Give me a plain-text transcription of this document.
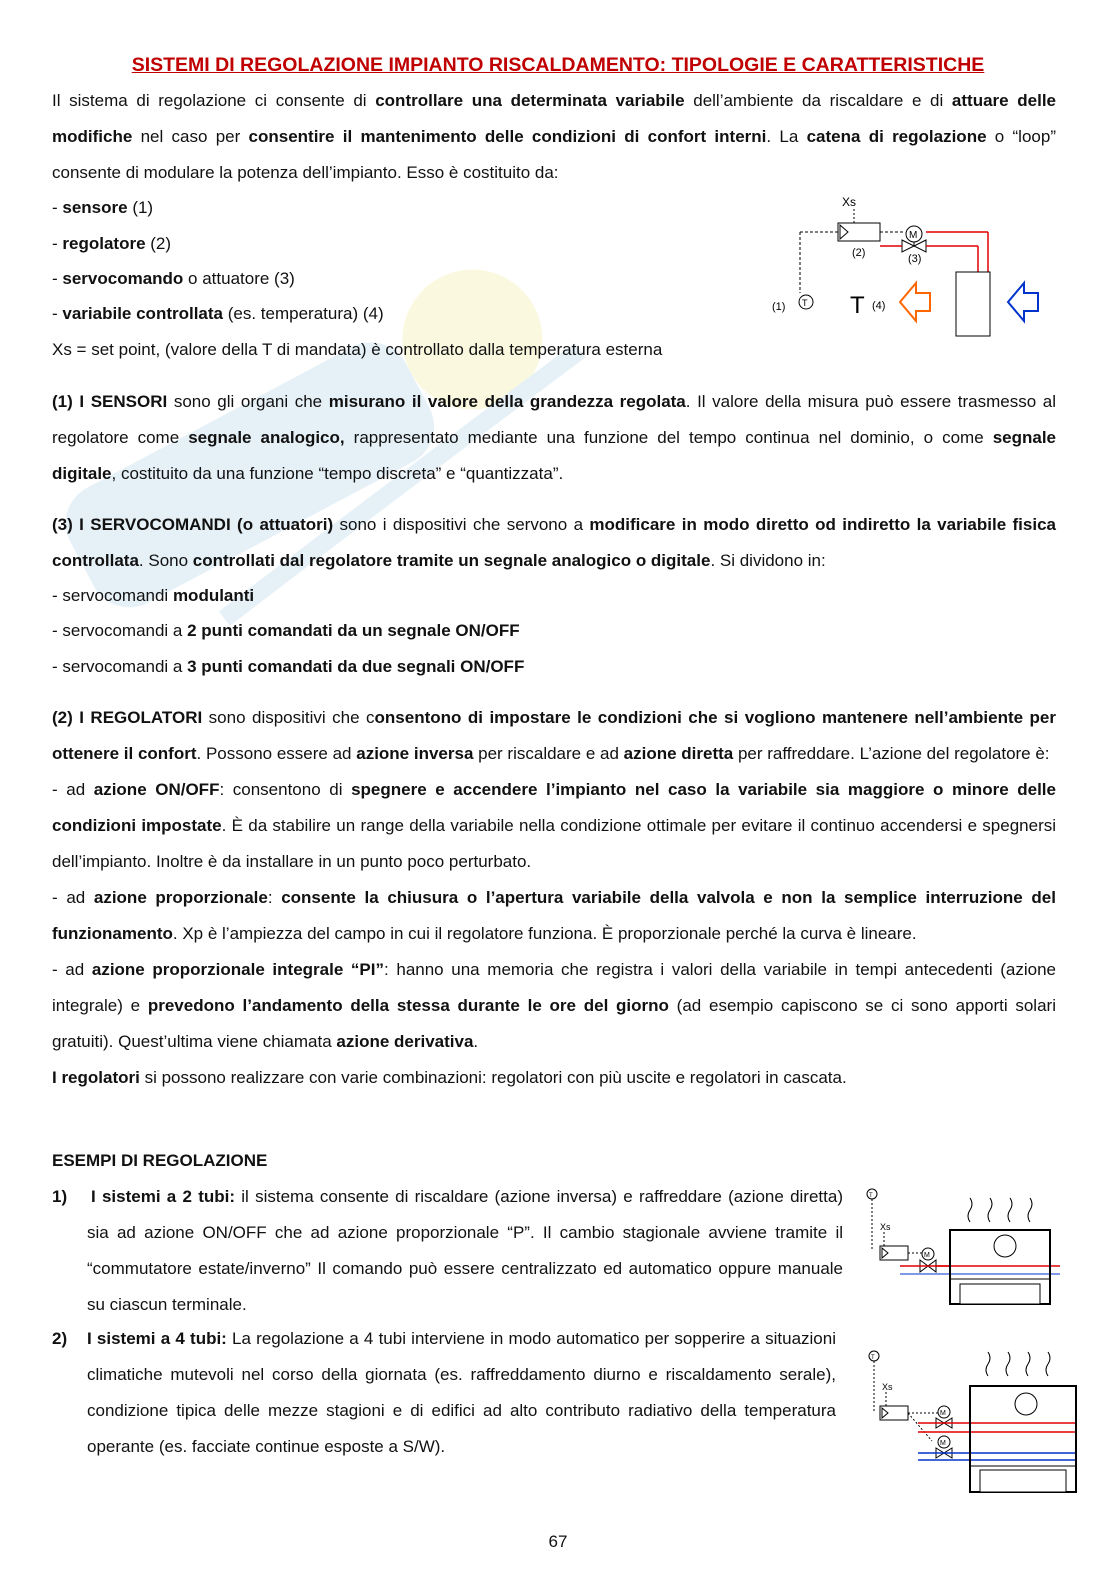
SISTEMI DI REGOLAZIONE IMPIANTO RISCALDAMENTO: TIPOLOGIE E CARATTERISTICHE

Il sistema di regolazione ci consente di controllare una determinata variabile dell’ambiente da riscaldare e di attuare delle modifiche nel caso per consentire il mantenimento delle condizioni di confort interni. La catena di regolazione o “loop” consente di modulare la potenza dell’impianto. Esso è costituito da:

- sensore (1)
- regolatore (2)
- servocomando o attuatore (3)
- variabile controllata (es. temperatura) (4)
Xs = set point, (valore della T di mandata) è controllato dalla temperatura esterna
Xs
T
(1)
M
(2)	(3)
T (4)

(1) I SENSORI sono gli organi che misurano il valore della grandezza regolata. Il valore della misura può essere trasmesso al regolatore come segnale analogico, rappresentato mediante una funzione del tempo continua nel dominio, o come segnale digitale, costituito da una funzione “tempo discreta” e “quantizzata”.

(3) I SERVOCOMANDI (o attuatori) sono i dispositivi che servono a modificare in modo diretto od indiretto la variabile fisica controllata. Sono controllati dal regolatore tramite un segnale analogico o digitale. Si dividono in:

- servocomandi modulanti
- servocomandi a 2 punti comandati da un segnale ON/OFF
- servocomandi a 3 punti comandati da due segnali ON/OFF

(2) I REGOLATORI sono dispositivi che consentono di impostare le condizioni che si vogliono mantenere nell’ambiente per ottenere il confort. Possono essere ad azione inversa per riscaldare e ad azione diretta per raffreddare. L’azione del regolatore è:

- ad azione ON/OFF: consentono di spegnere e accendere l’impianto nel caso la variabile sia maggiore o minore delle condizioni impostate. È da stabilire un range della variabile nella condizione ottimale per evitare il continuo accendersi e spegnersi dell’impianto. Inoltre è da installare in un punto poco perturbato.

- ad azione proporzionale: consente la chiusura o l’apertura variabile della valvola e non la semplice interruzione del funzionamento. Xp è l’ampiezza del campo in cui il regolatore funziona. È proporzionale perché la curva è lineare.

- ad azione proporzionale integrale “PI”: hanno una memoria che registra i valori della variabile in tempi antecedenti (azione integrale) e prevedono l’andamento della stessa durante le ore del giorno (ad esempio capiscono se ci sono apporti solari gratuiti). Quest’ultima viene chiamata azione derivativa.

I regolatori si possono realizzare con varie combinazioni: regolatori con più uscite e regolatori in cascata.

ESEMPI DI REGOLAZIONE
1) I sistemi a 2 tubi: il sistema consente di riscaldare (azione inversa) e raffreddare (azione diretta) sia ad azione ON/OFF che ad azione proporzionale “P”. Il cambio stagionale avviene tramite il “commutatore estate/inverno” Il comando può essere centralizzato ed automatico oppure manuale su ciascun terminale.
2) I sistemi a 4 tubi: La regolazione a 4 tubi interviene in modo automatico per sopperire a situazioni climatiche mutevoli nel corso della giornata (es. raffreddamento diurno e riscaldamento serale), condizione tipica delle mezze stagioni e di edifici ad alto contributo radiativo della temperatura operante (es. facciate continue esposte a S/W).
T
Xs
M
T
Xs
M
M
67
